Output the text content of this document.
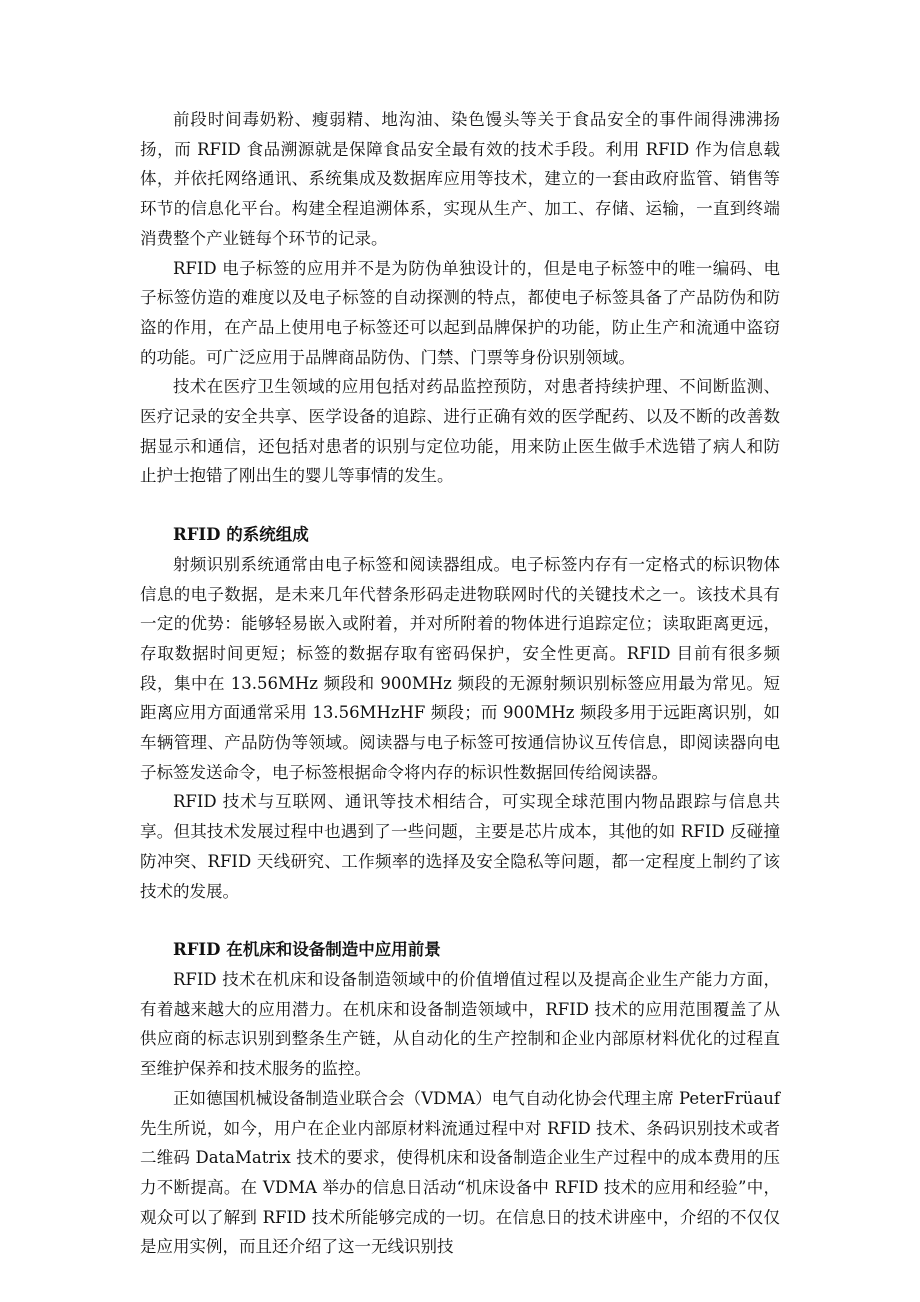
前段时间毒奶粉、瘦弱精、地沟油、染色馒头等关于食品安全的事件闹得沸沸扬扬，而 RFID 食品溯源就是保障食品安全最有效的技术手段。利用 RFID 作为信息载体，并依托网络通讯、系统集成及数据库应用等技术，建立的一套由政府监管、销售等环节的信息化平台。构建全程追溯体系，实现从生产、加工、存储、运输，一直到终端消费整个产业链每个环节的记录。

RFID 电子标签的应用并不是为防伪单独设计的，但是电子标签中的唯一编码、电子标签仿造的难度以及电子标签的自动探测的特点，都使电子标签具备了产品防伪和防盗的作用，在产品上使用电子标签还可以起到品牌保护的功能，防止生产和流通中盗窃的功能。可广泛应用于品牌商品防伪、门禁、门票等身份识别领域。

技术在医疗卫生领域的应用包括对药品监控预防，对患者持续护理、不间断监测、医疗记录的安全共享、医学设备的追踪、进行正确有效的医学配药、以及不断的改善数据显示和通信，还包括对患者的识别与定位功能，用来防止医生做手术选错了病人和防止护士抱错了刚出生的婴儿等事情的发生。

RFID 的系统组成

射频识别系统通常由电子标签和阅读器组成。电子标签内存有一定格式的标识物体信息的电子数据，是未来几年代替条形码走进物联网时代的关键技术之一。该技术具有一定的优势：能够轻易嵌入或附着，并对所附着的物体进行追踪定位；读取距离更远，存取数据时间更短；标签的数据存取有密码保护，安全性更高。RFID 目前有很多频段，集中在 13.56MHz 频段和 900MHz 频段的无源射频识别标签应用最为常见。短距离应用方面通常采用 13.56MHzHF 频段；而 900MHz 频段多用于远距离识别，如车辆管理、产品防伪等领域。阅读器与电子标签可按通信协议互传信息，即阅读器向电子标签发送命令，电子标签根据命令将内存的标识性数据回传给阅读器。

RFID 技术与互联网、通讯等技术相结合，可实现全球范围内物品跟踪与信息共享。但其技术发展过程中也遇到了一些问题，主要是芯片成本，其他的如 RFID 反碰撞防冲突、RFID 天线研究、工作频率的选择及安全隐私等问题，都一定程度上制约了该技术的发展。

RFID 在机床和设备制造中应用前景

RFID 技术在机床和设备制造领域中的价值增值过程以及提高企业生产能力方面，有着越来越大的应用潜力。在机床和设备制造领域中，RFID 技术的应用范围覆盖了从供应商的标志识别到整条生产链，从自动化的生产控制和企业内部原材料优化的过程直至维护保养和技术服务的监控。

正如德国机械设备制造业联合会（VDMA）电气自动化协会代理主席 PeterFrüauf 先生所说，如今，用户在企业内部原材料流通过程中对 RFID 技术、条码识别技术或者二维码 DataMatrix 技术的要求，使得机床和设备制造企业生产过程中的成本费用的压力不断提高。在 VDMA 举办的信息日活动“机床设备中 RFID 技术的应用和经验”中，观众可以了解到 RFID 技术所能够完成的一切。在信息日的技术讲座中，介绍的不仅仅是应用实例，而且还介绍了这一无线识别技
